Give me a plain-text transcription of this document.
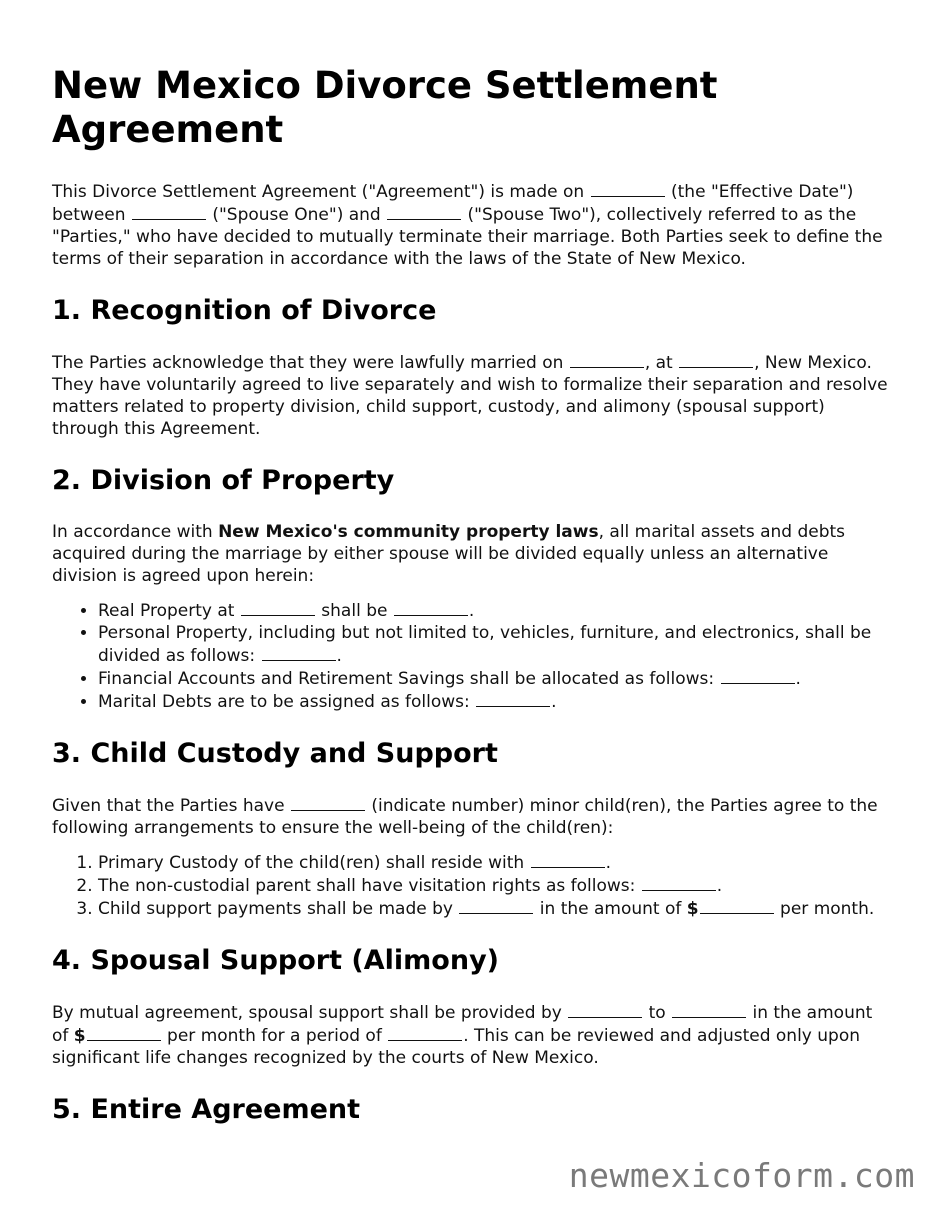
New Mexico Divorce Settlement Agreement

This Divorce Settlement Agreement ("Agreement") is made on	(the "Effective Date") between	("Spouse One") and	("Spouse Two"), collectively referred to as the "Parties," who have decided to mutually terminate their marriage. Both Parties seek to define the terms of their separation in accordance with the laws of the State of New Mexico.

1. Recognition of Divorce

The Parties acknowledge that they were lawfully married on	, at	, New Mexico. They have voluntarily agreed to live separately and wish to formalize their separation and resolve matters related to property division, child support, custody, and alimony (spousal support) through this Agreement.

2. Division of Property

In accordance with New Mexico's community property laws, all marital assets and debts acquired during the marriage by either spouse will be divided equally unless an alternative division is agreed upon herein:

• Real Property at	shall be	.
• Personal Property, including but not limited to, vehicles, furniture, and electronics, shall be divided as follows:	.
• Financial Accounts and Retirement Savings shall be allocated as follows:	.
• Marital Debts are to be assigned as follows:	.
3. Child Custody and Support

Given that the Parties have	(indicate number) minor child(ren), the Parties agree to the following arrangements to ensure the well-being of the child(ren):

1. Primary Custody of the child(ren) shall reside with	.
2. The non-custodial parent shall have visitation rights as follows:	.
3. Child support payments shall be made by	in the amount of $	per month.
4. Spousal Support (Alimony)

By mutual agreement, spousal support shall be provided by	to	in the amount of $	per month for a period of	. This can be reviewed and adjusted only upon significant life changes recognized by the courts of New Mexico.

5. Entire Agreement
newmexicoform.com
